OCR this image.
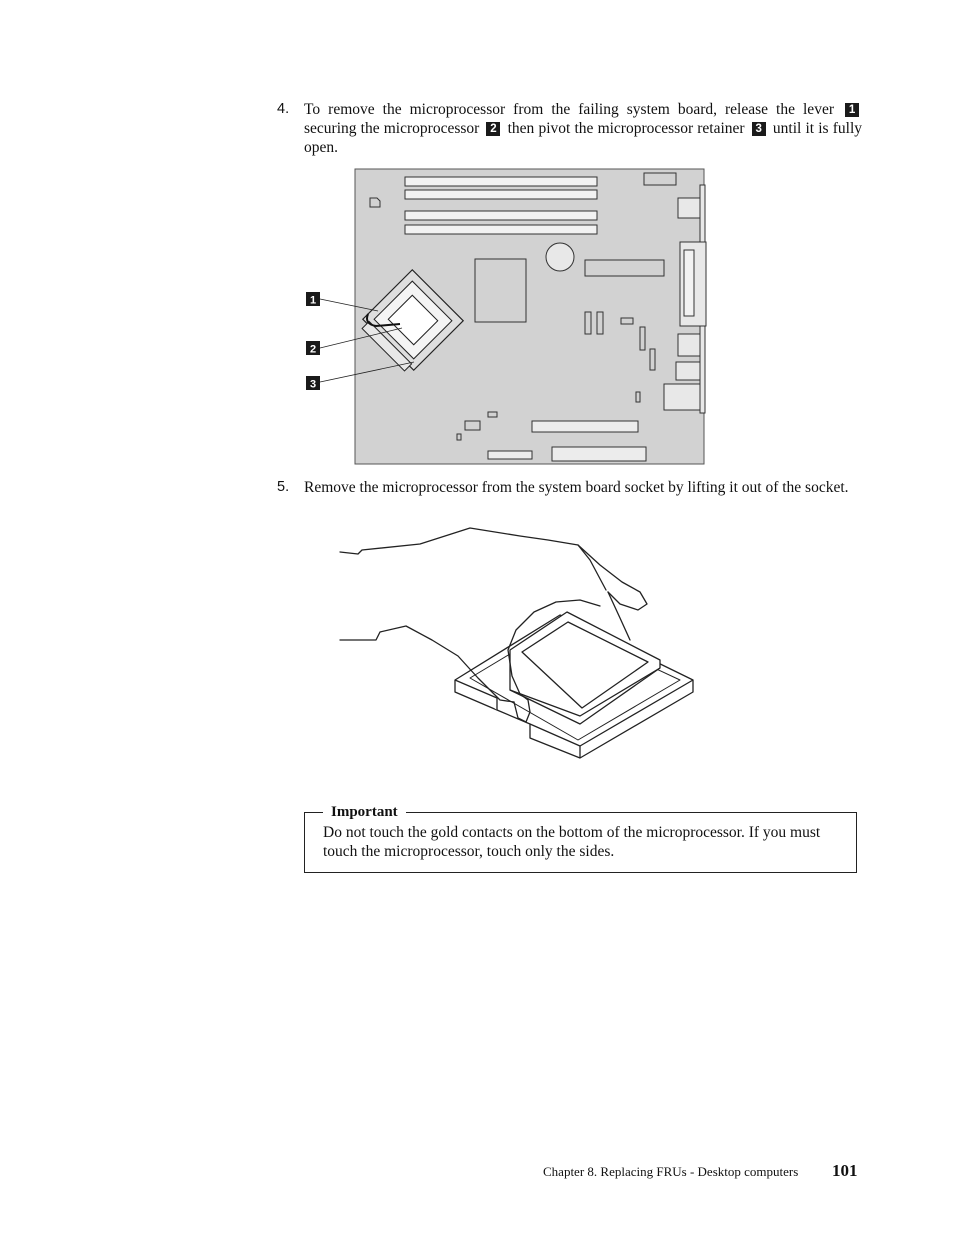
4. To remove the microprocessor from the failing system board, release the lever 1 securing the microprocessor 2 then pivot the microprocessor retainer 3 until it is fully open.
1
2
3
5. Remove the microprocessor from the system board socket by lifting it out of the socket.
Important
Do not touch the gold contacts on the bottom of the microprocessor. If you must touch the microprocessor, touch only the sides.
Chapter 8. Replacing FRUs - Desktop computers 101
